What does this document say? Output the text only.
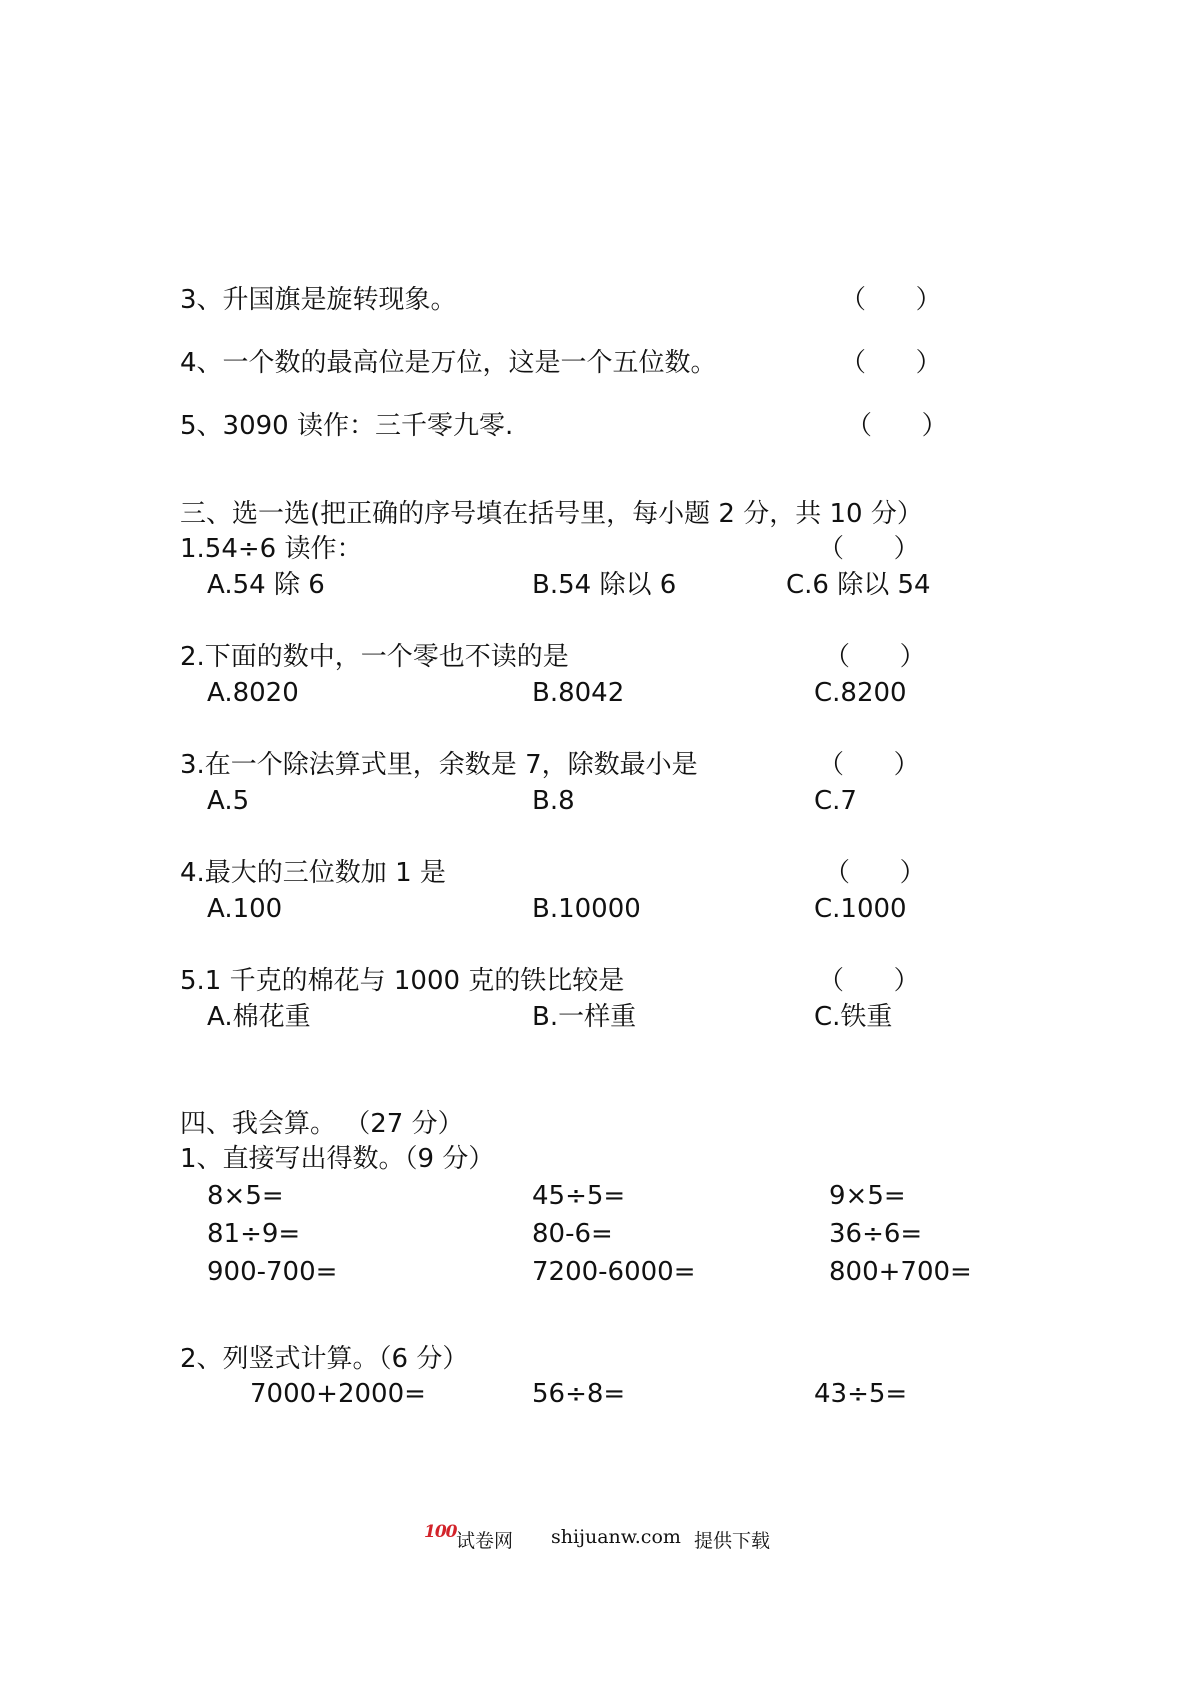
3、升国旗是旋转现象。	（      ）
4、一个数的最高位是万位，这是一个五位数。	（      ）
5、3090 读作：三千零九零.	（      ）
三、选一选(把正确的序号填在括号里，每小题 2 分，共 10 分）
1.54÷6 读作：	（      ）
A.54 除 6	B.54 除以 6	C.6 除以 54
2.下面的数中，一个零也不读的是	（      ）
A.8020	B.8042	C.8200
3.在一个除法算式里，余数是 7，除数最小是	（      ）
A.5	B.8	C.7
4.最大的三位数加 1 是	（      ）
A.100	B.10000	C.1000
5.1 千克的棉花与 1000 克的铁比较是	（      ）
A.棉花重	B.一样重	C.铁重
四、我会算。 （27 分）
1、直接写出得数。（9 分）
8×5=	45÷5=	9×5=
81÷9=	80-6=	36÷6=
900-700=	7200-6000=	800+700=
2、列竖式计算。（6 分）
7000+2000=	56÷8=	43÷5=
100 试卷网 shijuanw.com 提供下载
